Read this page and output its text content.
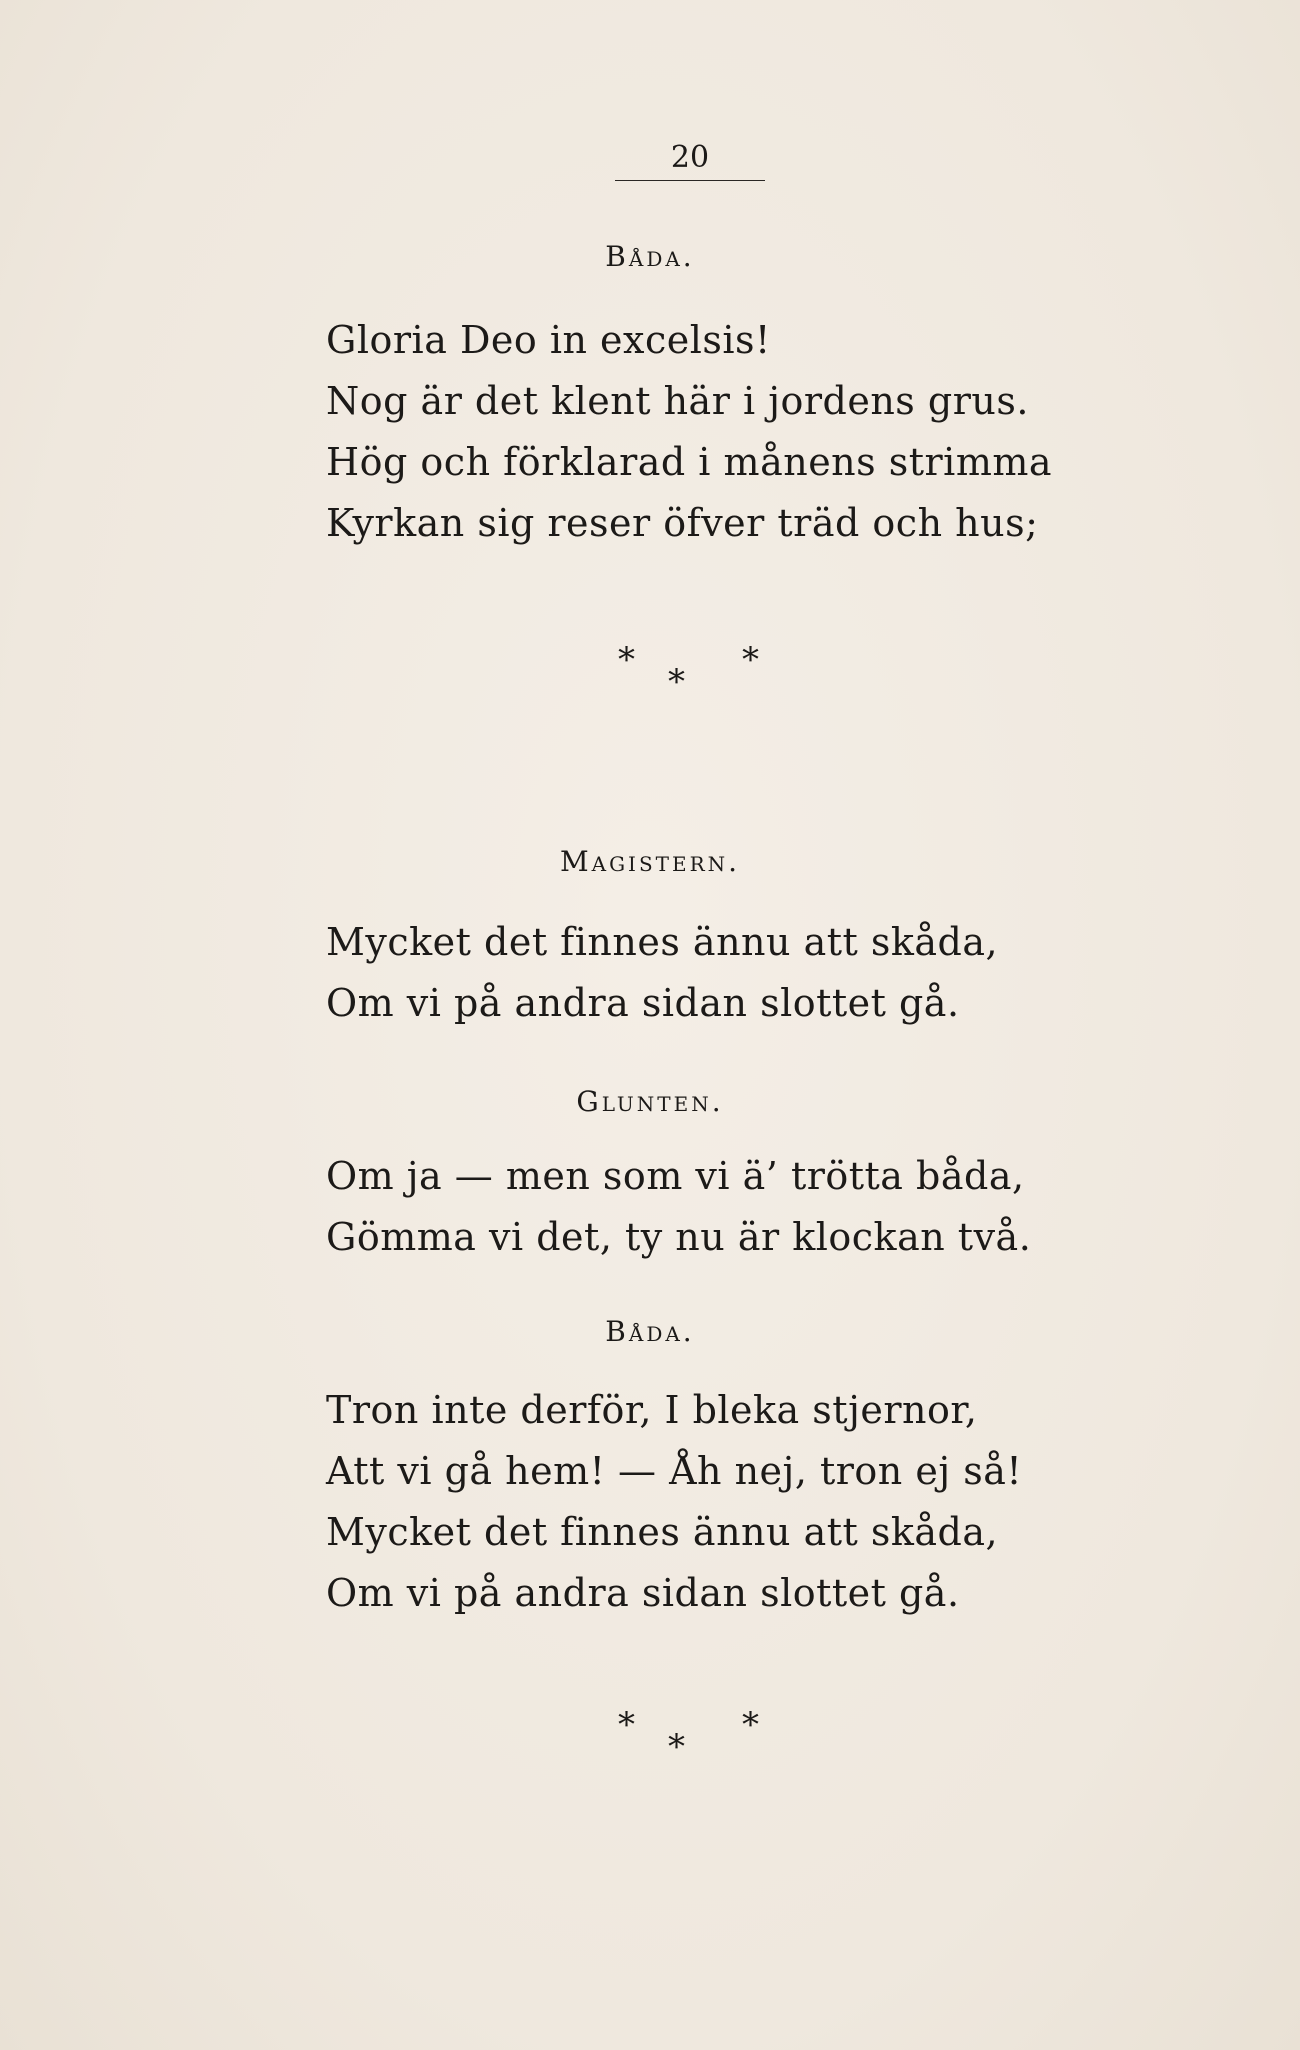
20
Båda.
Gloria Deo in excelsis!
Nog är det klent här i jordens grus.
Hög och förklarad i månens strimma
Kyrkan sig reser öfver träd och hus;
*
*
*
Magistern.
Mycket det finnes ännu att skåda,
Om vi på andra sidan slottet gå.
Glunten.
Om ja — men som vi ä’ trötta båda,
Gömma vi det, ty nu är klockan två.
Båda.
Tron inte derför, I bleka stjernor,
Att vi gå hem! — Åh nej, tron ej så!
Mycket det finnes ännu att skåda,
Om vi på andra sidan slottet gå.
*
*
*
